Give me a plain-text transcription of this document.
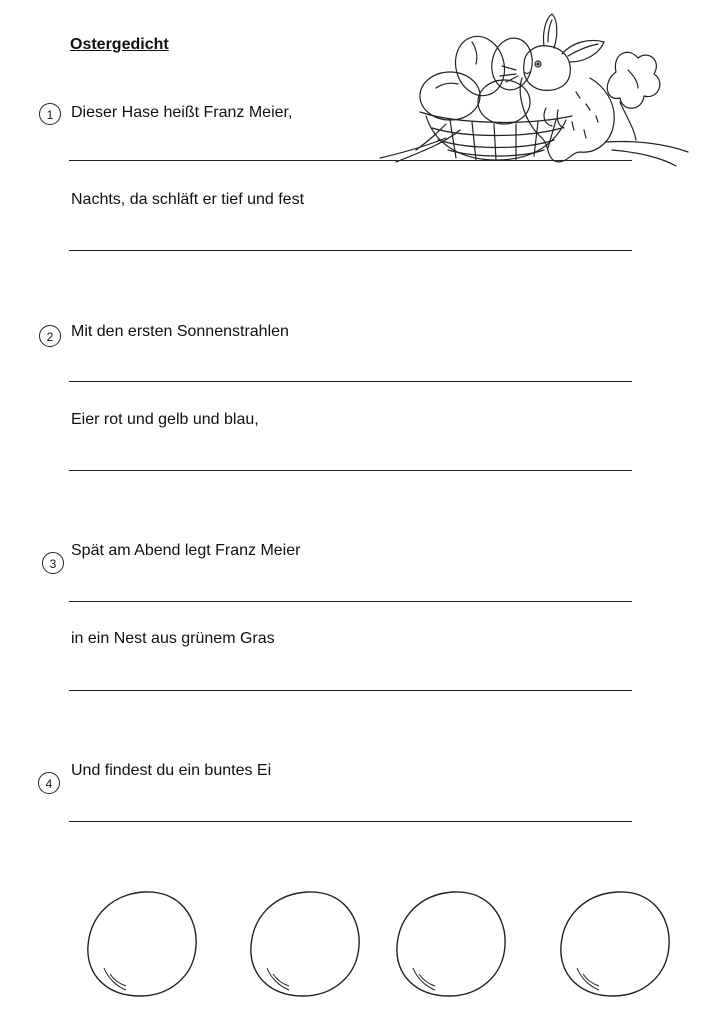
Ostergedicht
1	Dieser Hase heißt Franz Meier,
Nachts, da schläft er tief und fest
2	Mit den ersten Sonnenstrahlen
Eier rot und gelb und blau,
3
Spät am Abend legt Franz Meier
in ein Nest aus grünem Gras
4
Und findest du ein buntes Ei
